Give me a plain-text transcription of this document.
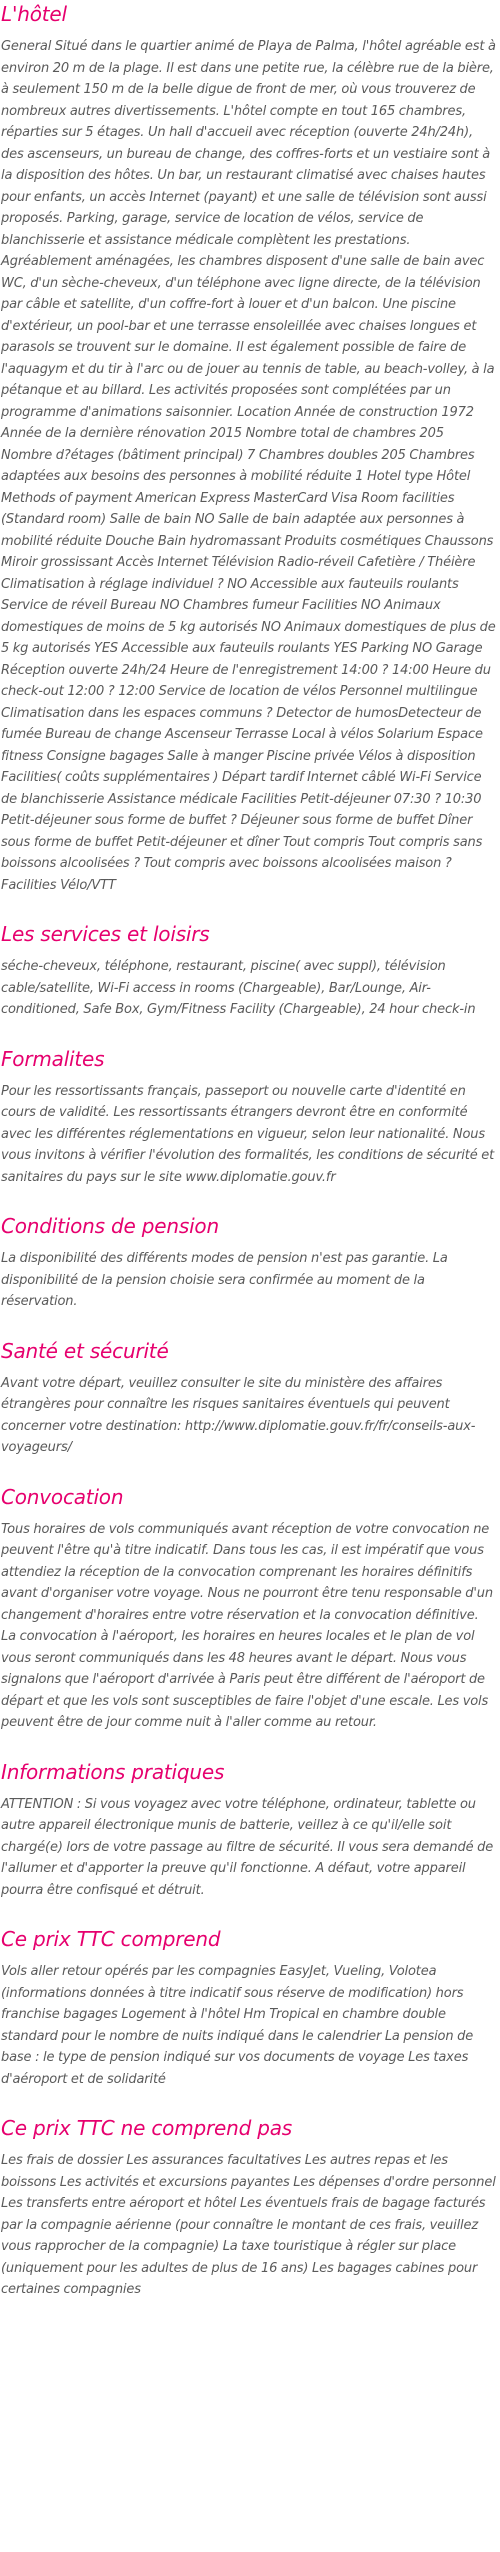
L'hôtel

General Situé dans le quartier animé de Playa de Palma, l'hôtel agréable est à environ 20 m de la plage. Il est dans une petite rue, la célèbre rue de la bière, à seulement 150 m de la belle digue de front de mer, où vous trouverez de nombreux autres divertissements. L'hôtel compte en tout 165 chambres, réparties sur 5 étages. Un hall d'accueil avec réception (ouverte 24h/24h), des ascenseurs, un bureau de change, des coffres-forts et un vestiaire sont à la disposition des hôtes. Un bar, un restaurant climatisé avec chaises hautes pour enfants, un accès Internet (payant) et une salle de télévision sont aussi proposés. Parking, garage, service de location de vélos, service de blanchisserie et assistance médicale complètent les prestations. Agréablement aménagées, les chambres disposent d'une salle de bain avec WC, d'un sèche-cheveux, d'un téléphone avec ligne directe, de la télévision par câble et satellite, d'un coffre-fort à louer et d'un balcon. Une piscine d'extérieur, un pool-bar et une terrasse ensoleillée avec chaises longues et parasols se trouvent sur le domaine. Il est également possible de faire de l'aquagym et du tir à l'arc ou de jouer au tennis de table, au beach-volley, à la pétanque et au billard. Les activités proposées sont complétées par un programme d'animations saisonnier. Location Année de construction 1972 Année de la dernière rénovation 2015 Nombre total de chambres 205 Nombre d?étages (bâtiment principal) 7 Chambres doubles 205 Chambres adaptées aux besoins des personnes à mobilité réduite 1 Hotel type Hôtel Methods of payment American Express MasterCard Visa Room facilities (Standard room) Salle de bain NO Salle de bain adaptée aux personnes à mobilité réduite Douche Bain hydromassant Produits cosmétiques Chaussons Miroir grossissant Accès Internet Télévision Radio-réveil Cafetière / Théière Climatisation à réglage individuel ? NO Accessible aux fauteuils roulants Service de réveil Bureau NO Chambres fumeur Facilities NO Animaux domestiques de moins de 5 kg autorisés NO Animaux domestiques de plus de 5 kg autorisés YES Accessible aux fauteuils roulants YES Parking NO Garage Réception ouverte 24h/24 Heure de l'enregistrement 14:00 ? 14:00 Heure du check-out 12:00 ? 12:00 Service de location de vélos Personnel multilingue Climatisation dans les espaces communs ? Detector de humosDetecteur de fumée Bureau de change Ascenseur Terrasse Local à vélos Solarium Espace fitness Consigne bagages Salle à manger Piscine privée Vélos à disposition Facilities( coûts supplémentaires ) Départ tardif Internet câblé Wi-Fi Service de blanchisserie Assistance médicale Facilities Petit-déjeuner 07:30 ? 10:30 Petit-déjeuner sous forme de buffet ? Déjeuner sous forme de buffet Dîner sous forme de buffet Petit-déjeuner et dîner Tout compris Tout compris sans boissons alcoolisées ? Tout compris avec boissons alcoolisées maison ? Facilities Vélo/VTT

Les services et loisirs

séche-cheveux, téléphone, restaurant, piscine( avec suppl), télévision cable/satellite, Wi-Fi access in rooms (Chargeable), Bar/Lounge, Air-conditioned, Safe Box, Gym/Fitness Facility (Chargeable), 24 hour check-in

Formalites

Pour les ressortissants français, passeport ou nouvelle carte d'identité en cours de validité. Les ressortissants étrangers devront être en conformité avec les différentes réglementations en vigueur, selon leur nationalité. Nous vous invitons à vérifier l'évolution des formalités, les conditions de sécurité et sanitaires du pays sur le site www.diplomatie.gouv.fr

Conditions de pension

La disponibilité des différents modes de pension n'est pas garantie. La disponibilité de la pension choisie sera confirmée au moment de la réservation.

Santé et sécurité

Avant votre départ, veuillez consulter le site du ministère des affaires étrangères pour connaître les risques sanitaires éventuels qui peuvent concerner votre destination: http://www.diplomatie.gouv.fr/fr/conseils-aux-voyageurs/

Convocation

Tous horaires de vols communiqués avant réception de votre convocation ne peuvent l'être qu'à titre indicatif. Dans tous les cas, il est impératif que vous attendiez la réception de la convocation comprenant les horaires définitifs avant d'organiser votre voyage. Nous ne pourront être tenu responsable d'un changement d'horaires entre votre réservation et la convocation définitive. La convocation à l'aéroport, les horaires en heures locales et le plan de vol vous seront communiqués dans les 48 heures avant le départ. Nous vous signalons que l'aéroport d'arrivée à Paris peut être différent de l'aéroport de départ et que les vols sont susceptibles de faire l'objet d'une escale. Les vols peuvent être de jour comme nuit à l'aller comme au retour.

Informations pratiques

ATTENTION : Si vous voyagez avec votre téléphone, ordinateur, tablette ou autre appareil électronique munis de batterie, veillez à ce qu'il/elle soit chargé(e) lors de votre passage au filtre de sécurité. Il vous sera demandé de l'allumer et d'apporter la preuve qu'il fonctionne. A défaut, votre appareil pourra être confisqué et détruit.

Ce prix TTC comprend

Vols aller retour opérés par les compagnies EasyJet, Vueling, Volotea (informations données à titre indicatif sous réserve de modification) hors franchise bagages Logement à l'hôtel Hm Tropical en chambre double standard pour le nombre de nuits indiqué dans le calendrier La pension de base : le type de pension indiqué sur vos documents de voyage Les taxes d'aéroport et de solidarité

Ce prix TTC ne comprend pas

Les frais de dossier Les assurances facultatives Les autres repas et les boissons Les activités et excursions payantes Les dépenses d'ordre personnel Les transferts entre aéroport et hôtel Les éventuels frais de bagage facturés par la compagnie aérienne (pour connaître le montant de ces frais, veuillez vous rapprocher de la compagnie) La taxe touristique à régler sur place (uniquement pour les adultes de plus de 16 ans) Les bagages cabines pour certaines compagnies
